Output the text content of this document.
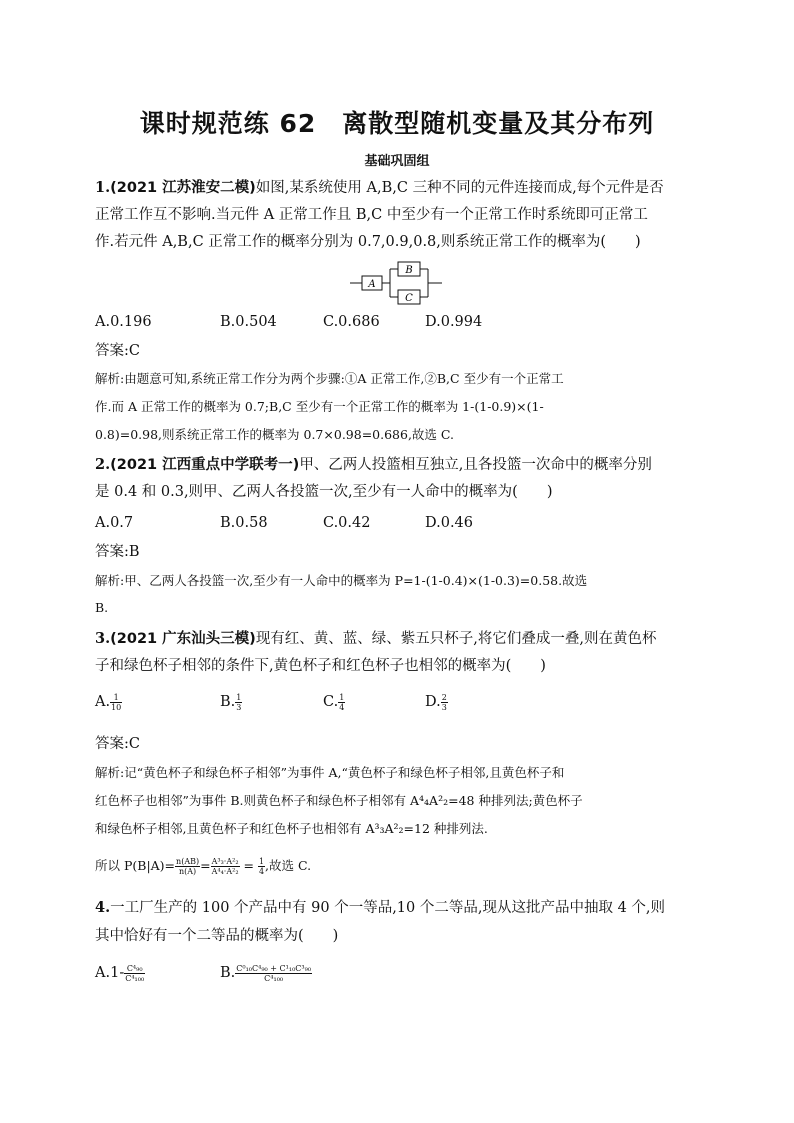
课时规范练 62　离散型随机变量及其分布列
基础巩固组
1.(2021 江苏淮安二模)如图,某系统使用 A,B,C 三种不同的元件连接而成,每个元件是否
正常工作互不影响.当元件 A 正常工作且 B,C 中至少有一个正常工作时系统即可正常工
作.若元件 A,B,C 正常工作的概率分别为 0.7,0.9,0.8,则系统正常工作的概率为(　　)
A
B
C
A.0.196	B.0.504	C.0.686	D.0.994
答案:C
解析:由题意可知,系统正常工作分为两个步骤:①A 正常工作,②B,C 至少有一个正常工
作.而 A 正常工作的概率为 0.7;B,C 至少有一个正常工作的概率为 1-(1-0.9)×(1-
0.8)=0.98,则系统正常工作的概率为 0.7×0.98=0.686,故选 C.
2.(2021 江西重点中学联考一)甲、乙两人投篮相互独立,且各投篮一次命中的概率分别
是 0.4 和 0.3,则甲、乙两人各投篮一次,至少有一人命中的概率为(　　)
A.0.7	B.0.58	C.0.42	D.0.46
答案:B
解析:甲、乙两人各投篮一次,至少有一人命中的概率为 P=1-(1-0.4)×(1-0.3)=0.58.故选
B.
3.(2021 广东汕头三模)现有红、黄、蓝、绿、紫五只杯子,将它们叠成一叠,则在黄色杯
子和绿色杯子相邻的条件下,黄色杯子和红色杯子也相邻的概率为(　　)
A. $\frac{1}{10}$	B. $\frac{1}{3}$	C. $\frac{1}{4}$	D. $\frac{2}{3}$
答案:C
解析:记“黄色杯子和绿色杯子相邻”为事件 A,“黄色杯子和绿色杯子相邻,且黄色杯子和
红色杯子也相邻”为事件 B.则黄色杯子和绿色杯子相邻有 A⁴₄A²₂=48 种排列法;黄色杯子
和绿色杯子相邻,且黄色杯子和红色杯子也相邻有 A³₃A²₂=12 种排列法.
所以 $P(B|A)= \frac{n(AB)}{n(A)} = \frac{\text{A³₃·A²₂}}{\text{A⁴₄·A²₂}} = \frac{1}{4}$ ,故选 C.
4.一工厂生产的 100 个产品中有 90 个一等品,10 个二等品,现从这批产品中抽取 4 个,则
其中恰好有一个二等品的概率为(　　)
$A.1- \frac{\text{C⁴₉₀}}{\text{C⁴₁₀₀}}$	B. $\frac{\text{C⁰₁₀C⁴₉₀ + C¹₁₀C³₉₀}}{\text{C⁴₁₀₀}}$
